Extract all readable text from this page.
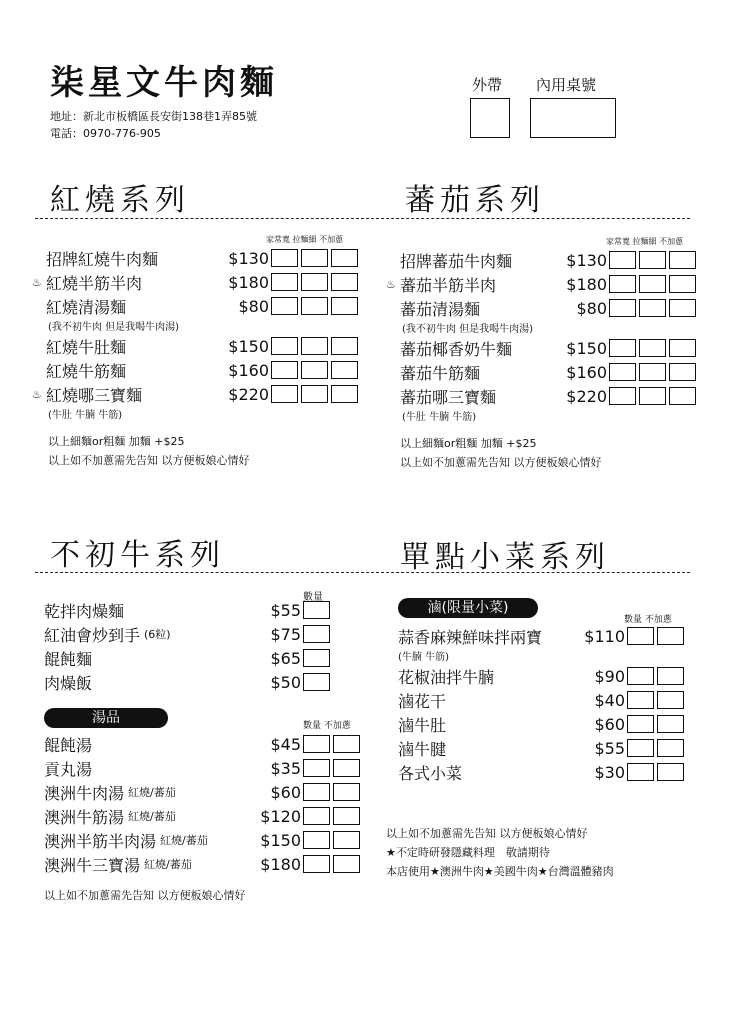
柒星文牛肉麵
地址：新北市板橋區長安街138巷1弄85號
電話：0970-776-905
外帶 內用桌號
紅燒系列	蕃茄系列
家常寬 拉麵細 不加蔥
招牌紅燒牛肉麵	$130
♨ 紅燒半筋半肉	$180
紅燒清湯麵	$80
(我不初牛肉 但是我喝牛肉湯)
紅燒牛肚麵	$150
紅燒牛筋麵	$160
♨ 紅燒哪三寶麵	$220
(牛肚 牛腩 牛筋)
以上細麵or粗麵 加麵 +$25
以上如不加蔥需先告知 以方便板娘心情好
家常寬 拉麵細 不加蔥
招牌蕃茄牛肉麵	$130
♨ 蕃茄半筋半肉	$180
蕃茄清湯麵	$80
(我不初牛肉 但是我喝牛肉湯)
蕃茄椰香奶牛麵	$150
蕃茄牛筋麵	$160
蕃茄哪三寶麵	$220
(牛肚 牛腩 牛筋)
以上細麵or粗麵 加麵 +$25
以上如不加蔥需先告知 以方便板娘心情好
不初牛系列	單點小菜系列
數量
乾拌肉燥麵	$55
紅油會炒到手 (6粒)	$75
餛飩麵	$65
肉燥飯	$50
湯品	數量 不加蔥
餛飩湯	$45
貢丸湯	$35
澳洲牛肉湯 紅燒/蕃茄	$60
澳洲牛筋湯 紅燒/蕃茄	$120
澳洲半筋半肉湯 紅燒/蕃茄	$150
澳洲牛三寶湯 紅燒/蕃茄	$180
以上如不加蔥需先告知 以方便板娘心情好
滷(限量小菜)
數量 不加蔥
蒜香麻辣鮮味拌兩寶	$110
(牛腩 牛筋)
花椒油拌牛腩	$90
滷花干	$40
滷牛肚	$60
滷牛腱	$55
各式小菜	$30
以上如不加蔥需先告知 以方便板娘心情好
★不定時研發隱藏料理　敬請期待
本店使用★澳洲牛肉★美國牛肉★台灣溫體豬肉
